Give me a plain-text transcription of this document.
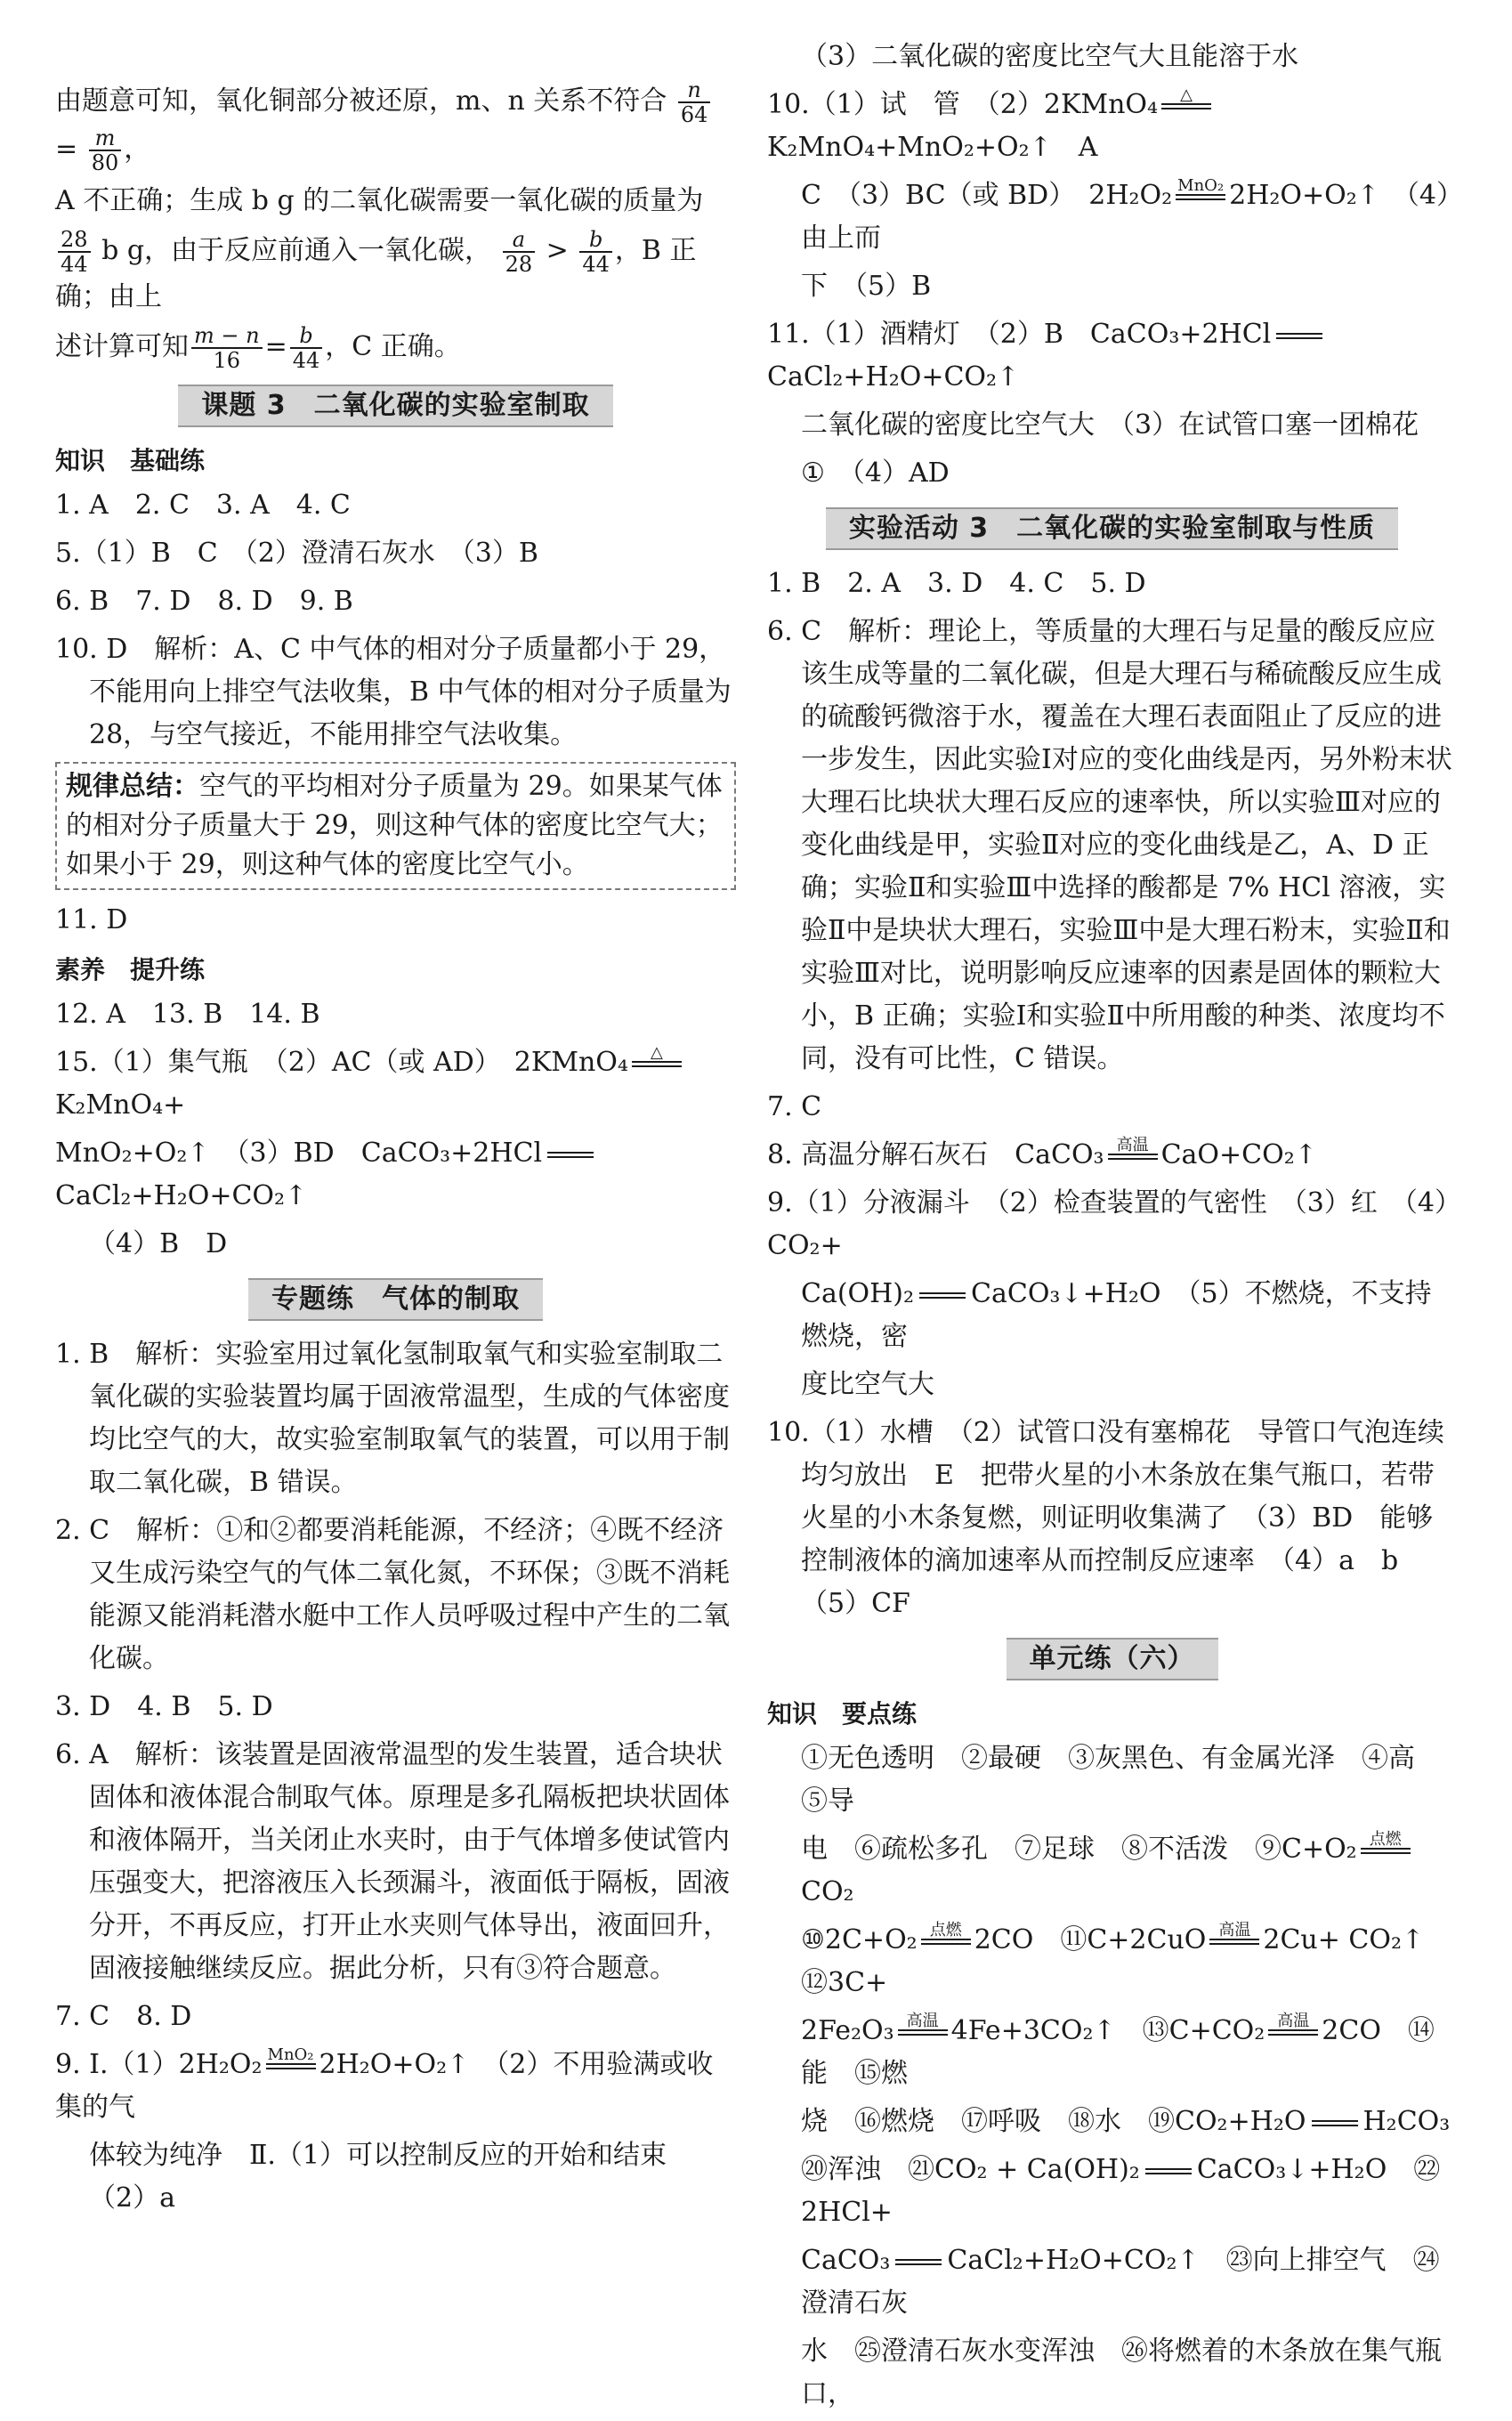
由题意可知，氧化铜部分被还原，m、n 关系不符合 $\frac{n}{64}$
= $\frac{m}{80}$ ，
A 不正确；生成 b g 的二氧化碳需要一氧化碳的质量为
$\frac{28}{44}$ b g，由于反应前通入一氧化碳， $\frac{a}{28} > \frac{b}{44}$ ，B 正确；由上
述计算可知 $\frac{m - n}{16} = \frac{b}{44}$ ，C 正确。
课题 3　二氧化碳的实验室制取
知识　基础练
1. A　2. C　3. A　4. C
5.（1）B　C　（2）澄清石灰水　（3）B
6. B　7. D　8. D　9. B
10. D　解析：A、C 中气体的相对分子质量都小于 29，不能用向上排空气法收集，B 中气体的相对分子质量为 28，与空气接近，不能用排空气法收集。
规律总结：空气的平均相对分子质量为 29。如果某气体的相对分子质量大于 29，则这种气体的密度比空气大；如果小于 29，则这种气体的密度比空气小。
11. D
素养　提升练
12. A　13. B　14. B
15.（1）集气瓶　（2）AC（或 AD）　2KMnO₄	△

K₂MnO₄+
MnO₂+O₂↑　（3）BD　CaCO₃+2HClCaCl₂+H₂O+CO₂↑
（4）B　D
专题练　气体的制取
1. B　解析：实验室用过氧化氢制取氧气和实验室制取二氧化碳的实验装置均属于固液常温型，生成的气体密度均比空气的大，故实验室制取氧气的装置，可以用于制取二氧化碳，B 错误。
2. C　解析：①和②都要消耗能源，不经济；④既不经济又生成污染空气的气体二氧化氮，不环保；③既不消耗能源又能消耗潜水艇中工作人员呼吸过程中产生的二氧化碳。
3. D　4. B　5. D
6. A　解析：该装置是固液常温型的发生装置，适合块状固体和液体混合制取气体。原理是多孔隔板把块状固体和液体隔开，当关闭止水夹时，由于气体增多使试管内压强变大，把溶液压入长颈漏斗，液面低于隔板，固液分开，不再反应，打开止水夹则气体导出，液面回升，固液接触继续反应。据此分析，只有③符合题意。
7. C　8. D
9. Ⅰ.（1）2H₂O₂ MnO₂
2H₂O+O₂↑　（2）不用验满或收集的气
体较为纯净　Ⅱ.（1）可以控制反应的开始和结束　（2）a
（3）二氧化碳的密度比空气大且能溶于水
10.（1）试　管　（2）2KMnO₄	△

K₂MnO₄+MnO₂+O₂↑　A
C　（3）BC（或 BD）　2H₂O₂ MnO₂
2H₂O+O₂↑　（4）由上而
下　（5）B
11.（1）酒精灯　（2）B　CaCO₃+2HClCaCl₂+H₂O+CO₂↑
二氧化碳的密度比空气大　（3）在试管口塞一团棉花
①　（4）AD
实验活动 3　二氧化碳的实验室制取与性质
1. B　2. A　3. D　4. C　5. D
6. C　解析：理论上，等质量的大理石与足量的酸反应应该生成等量的二氧化碳，但是大理石与稀硫酸反应生成的硫酸钙微溶于水，覆盖在大理石表面阻止了反应的进一步发生，因此实验Ⅰ对应的变化曲线是丙，另外粉末状大理石比块状大理石反应的速率快，所以实验Ⅲ对应的变化曲线是甲，实验Ⅱ对应的变化曲线是乙，A、D 正确；实验Ⅱ和实验Ⅲ中选择的酸都是 7% HCl 溶液，实验Ⅱ中是块状大理石，实验Ⅲ中是大理石粉末，实验Ⅱ和实验Ⅲ对比，说明影响反应速率的因素是固体的颗粒大小，B 正确；实验Ⅰ和实验Ⅱ中所用酸的种类、浓度均不同，没有可比性，C 错误。
7. C
8. 高温分解石灰石　CaCO₃ 高温
CaO+CO₂↑
9.（1）分液漏斗　（2）检查装置的气密性　（3）红　（4）CO₂+
Ca(OH)₂ CaCO₃↓+H₂O　（5）不燃烧，不支持燃烧，密
度比空气大
10.（1）水槽　（2）试管口没有塞棉花　导管口气泡连续均匀放出　E　把带火星的小木条放在集气瓶口，若带火星的小木条复燃，则证明收集满了　（3）BD　能够控制液体的滴加速率从而控制反应速率　（4）a　b　（5）CF
单元练（六）
知识　要点练
①无色透明　②最硬　③灰黑色、有金属光泽　④高　⑤导
电　⑥疏松多孔　⑦足球　⑧不活泼　⑨C+O₂ 点燃

CO₂
⑩2C+O₂ 点燃
2CO　⑪C+2CuO 高温
2Cu+ CO₂↑　⑫3C+
2Fe₂O₃ 高温
4Fe+3CO₂↑　⑬C+CO₂ 高温
2CO　⑭能　⑮燃
烧　⑯燃烧　⑰呼吸　⑱水　⑲CO₂+H₂O H₂CO₃
⑳浑浊　㉑CO₂ + Ca(OH)₂ CaCO₃↓+H₂O　㉒2HCl+
CaCO₃ CaCl₂+H₂O+CO₂↑　㉓向上排空气　㉔澄清石灰
水　㉕澄清石灰水变浑浊　㉖将燃着的木条放在集气瓶口，
